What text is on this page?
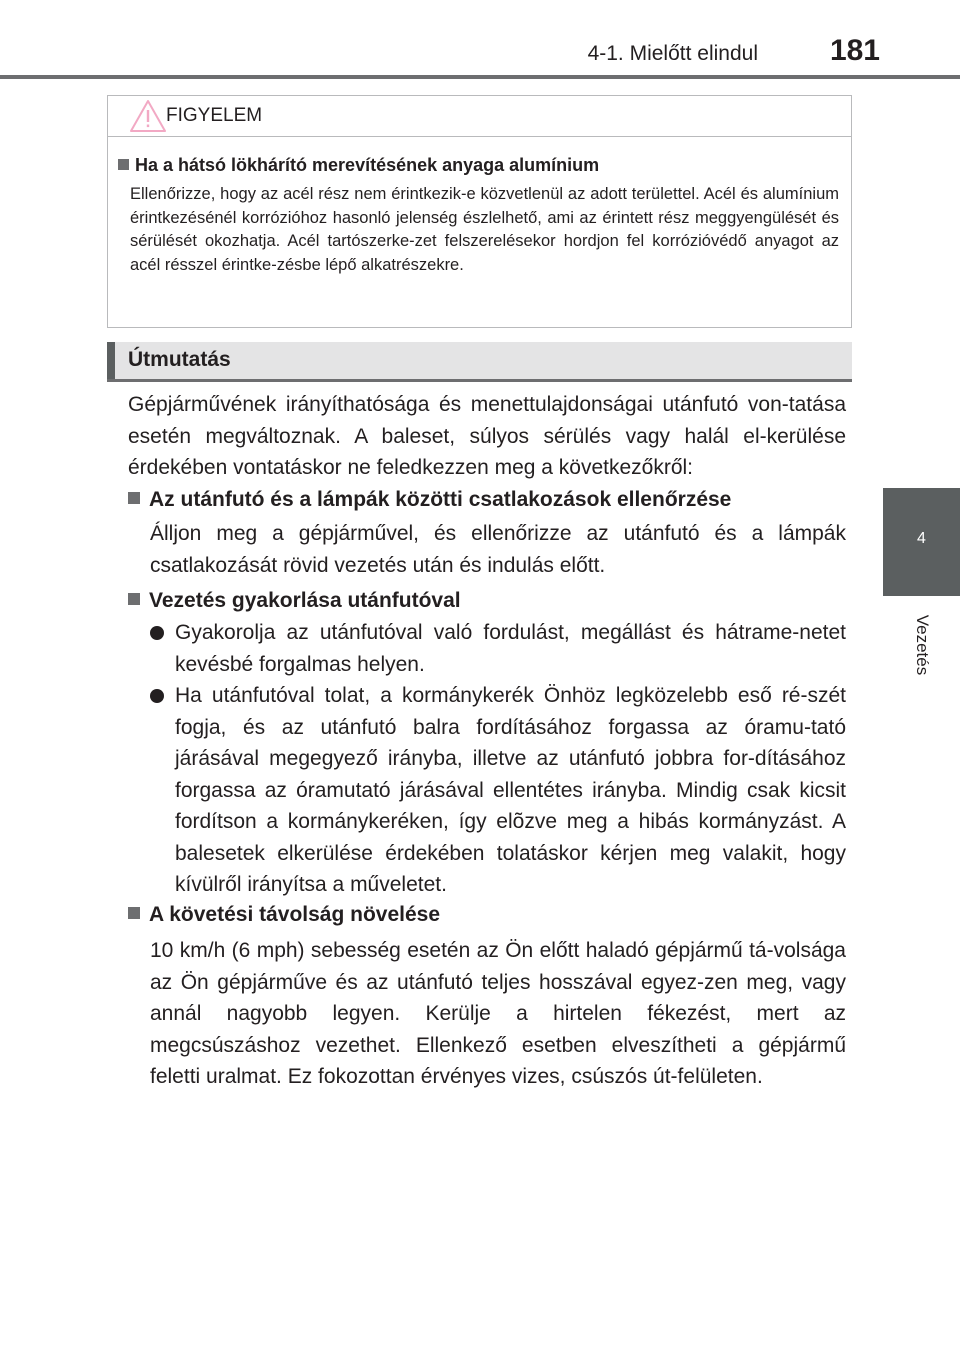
4-1. Mielőtt elindul 181
4
Vezetés
FIGYELEM
Ha a hátsó lökhárító merevítésének anyaga alumínium

Ellenőrizze, hogy az acél rész nem érintkezik-e közvetlenül az adott területtel. Acél és alumínium érintkezésénél korrózióhoz hasonló jelenség észlelhető, ami az érintett rész meggyengülését és sérülését okozhatja. Acél tartószerke-zet felszerelésekor hordjon fel korrózióvédő anyagot az acél résszel érintke-zésbe lépő alkatrészekre.

Útmutatás

Gépjárművének irányíthatósága és menettulajdonságai utánfutó von-tatása esetén megváltoznak. A baleset, súlyos sérülés vagy halál el-kerülése érdekében vontatáskor ne feledkezzen meg a következőkről:

Az utánfutó és a lámpák közötti csatlakozások ellenőrzése

Álljon meg a gépjárművel, és ellenőrizze az utánfutó és a lámpák csatlakozását rövid vezetés után és indulás előtt.

Vezetés gyakorlása utánfutóval

Gyakorolja az utánfutóval való fordulást, megállást és hátrame-netet kevésbé forgalmas helyen.

Ha utánfutóval tolat, a kormánykerék Önhöz legközelebb eső ré-szét fogja, és az utánfutó balra fordításához forgassa az óramu-tató járásával megegyező irányba, illetve az utánfutó jobbra for-dításához forgassa az óramutató járásával ellentétes irányba. Mindig csak kicsit fordítson a kormánykeréken, így elõzve meg a hibás kormányzást. A balesetek elkerülése érdekében tolatáskor kérjen meg valakit, hogy kívülről irányítsa a műveletet.

A követési távolság növelése

10 km/h (6 mph) sebesség esetén az Ön előtt haladó gépjármű tá-volsága az Ön gépjárműve és az utánfutó teljes hosszával egyez-zen meg, vagy annál nagyobb legyen. Kerülje a hirtelen fékezést, mert az megcsúszáshoz vezethet. Ellenkező esetben elveszítheti a gépjármű feletti uralmat. Ez fokozottan érvényes vizes, csúszós út-felületen.
